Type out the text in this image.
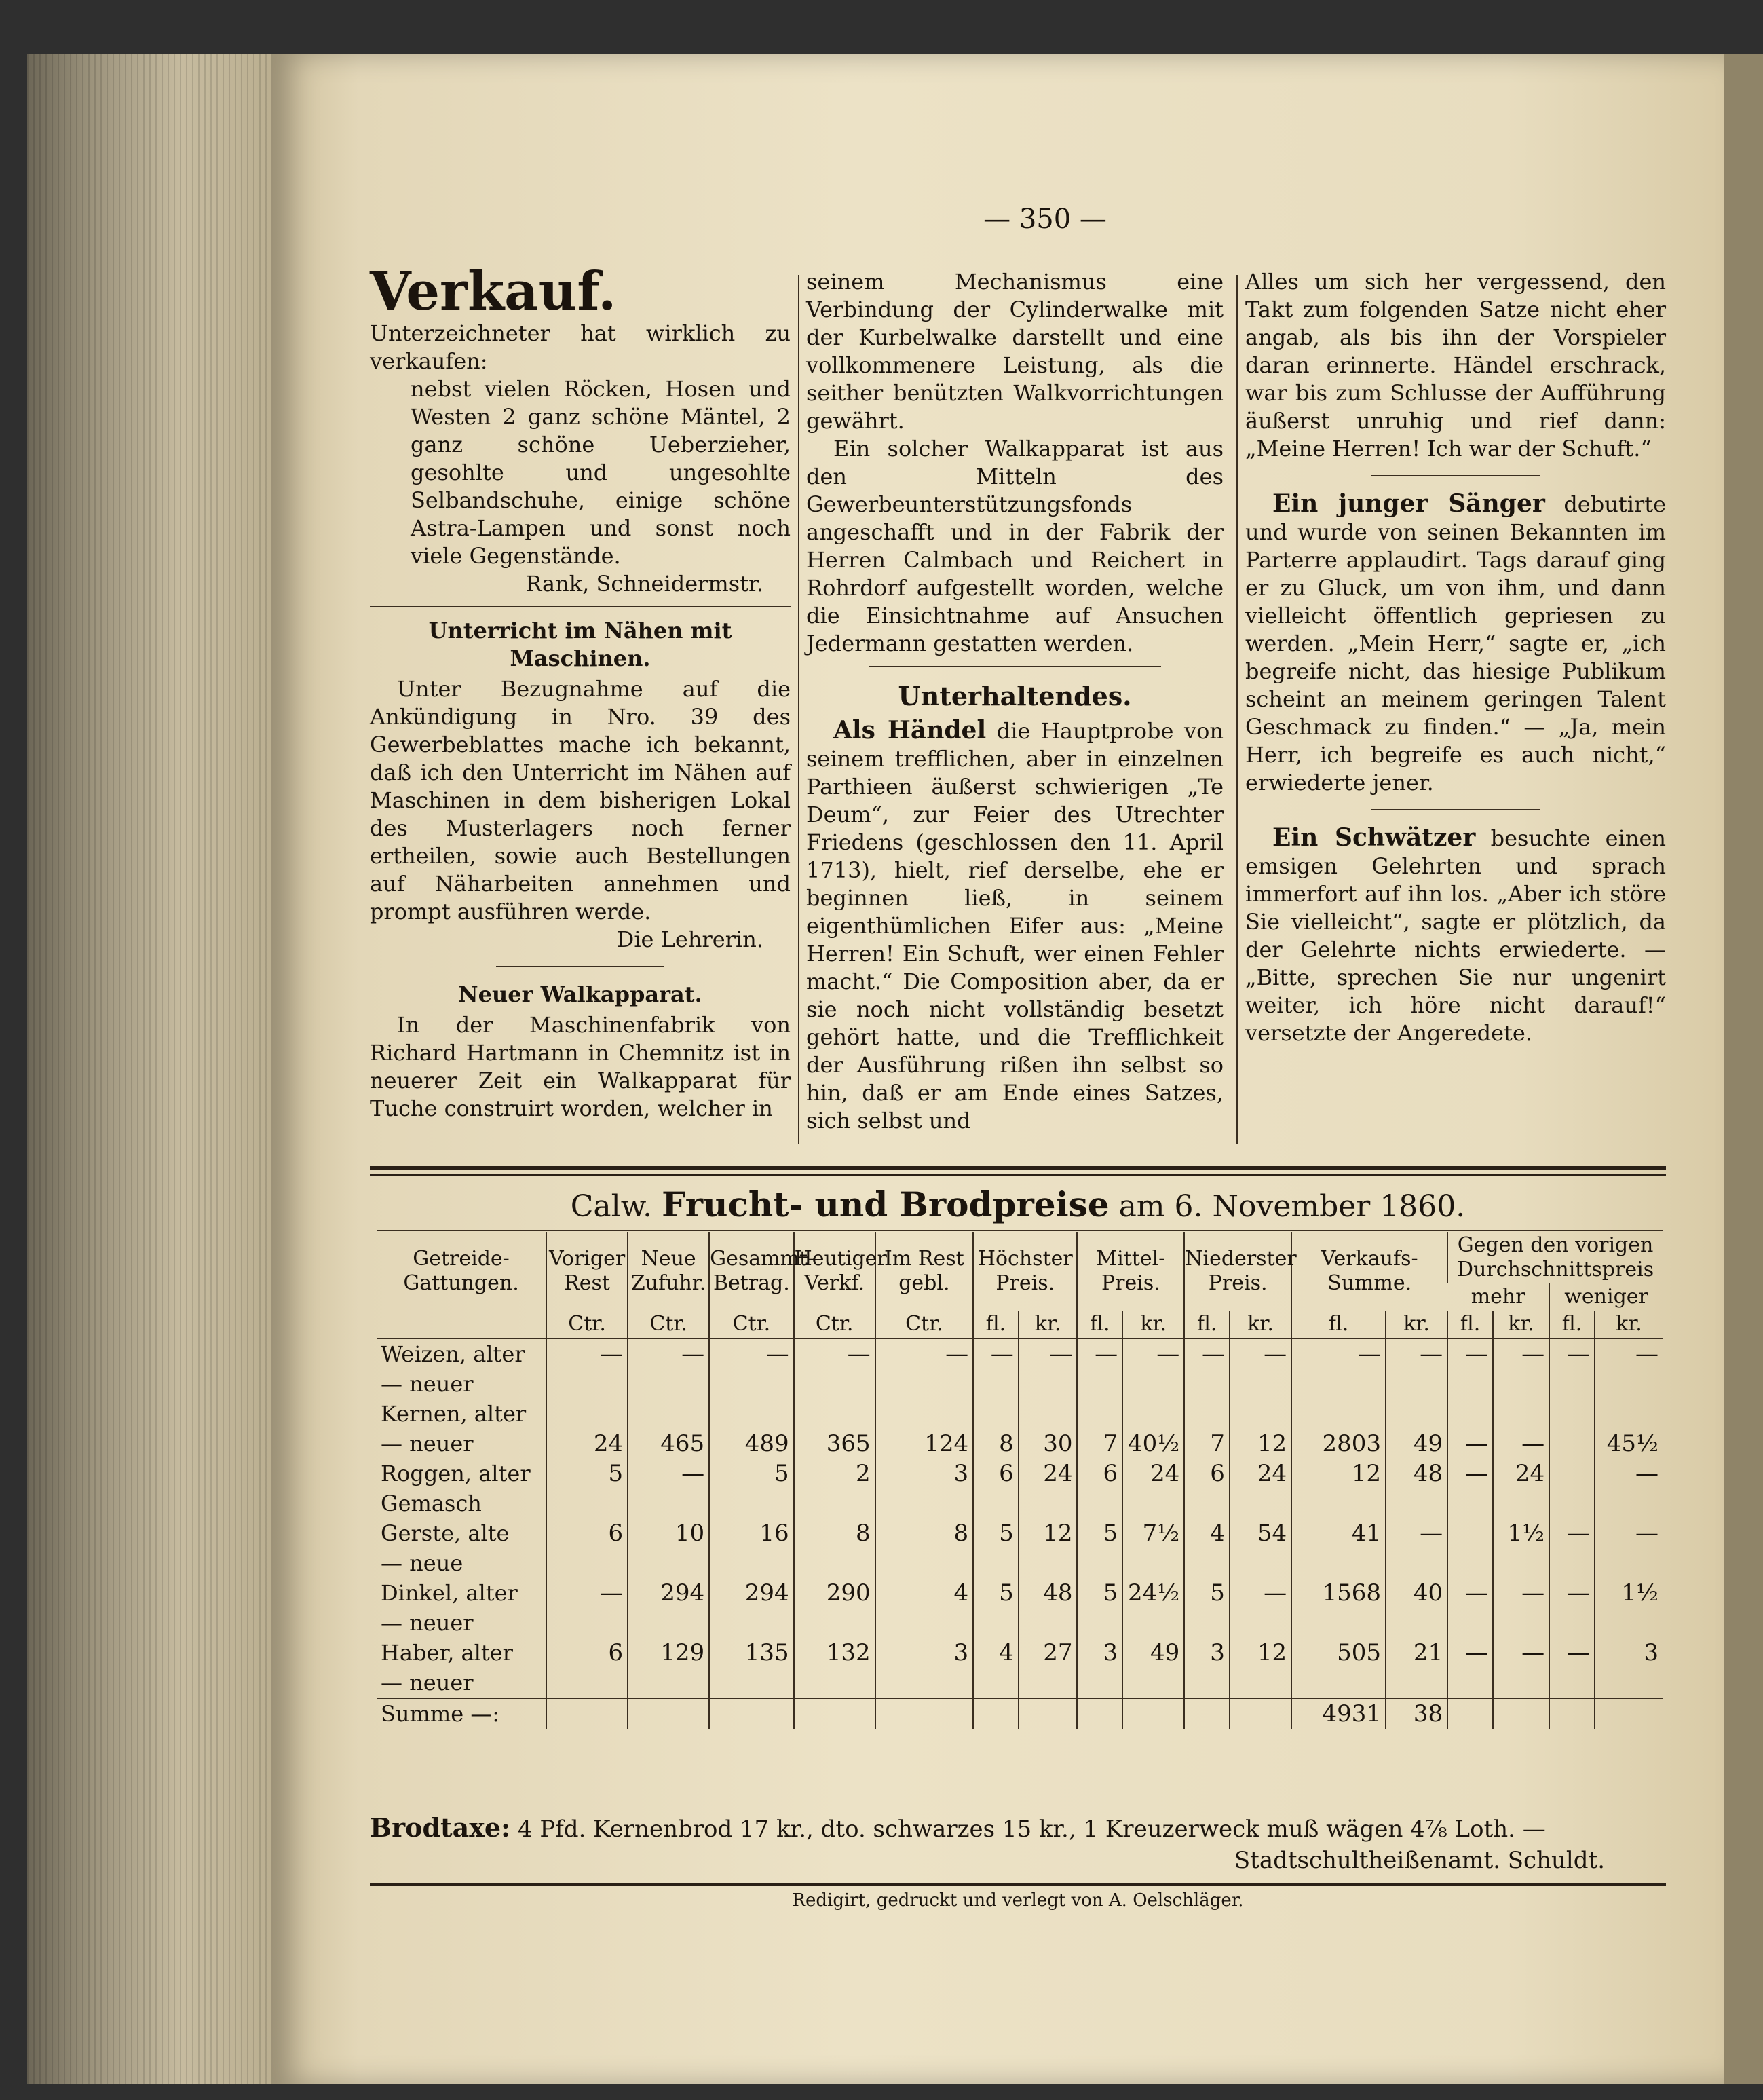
— 350 —
Verkauf.
Unterzeichneter hat wirklich zu verkaufen:
nebst vielen Röcken, Hosen und Westen 2 ganz schöne Mäntel, 2 ganz schöne Ueberzieher, gesohlte und ungesohlte Selbandschuhe, einige schöne Astra-Lampen und sonst noch viele Gegenstände.
Rank, Schneidermstr.
Unterricht im Nähen mit Maschinen.
Unter Bezugnahme auf die Ankündigung in Nro. 39 des Gewerbeblattes mache ich bekannt, daß ich den Unterricht im Nähen auf Maschinen in dem bisherigen Lokal des Musterlagers noch ferner ertheilen, sowie auch Bestellungen auf Näharbeiten annehmen und prompt ausführen werde.
Die Lehrerin.
Neuer Walkapparat.
In der Maschinenfabrik von Richard Hartmann in Chemnitz ist in neuerer Zeit ein Walkapparat für Tuche construirt worden, welcher in
seinem Mechanismus eine Verbindung der Cylinderwalke mit der Kurbelwalke darstellt und eine vollkommenere Leistung, als die seither benützten Walkvorrichtungen gewährt.
Ein solcher Walkapparat ist aus den Mitteln des Gewerbeunterstützungsfonds angeschafft und in der Fabrik der Herren Calmbach und Reichert in Rohrdorf aufgestellt worden, welche die Einsichtnahme auf Ansuchen Jedermann gestatten werden.
Unterhaltendes.
Als Händel die Hauptprobe von seinem trefflichen, aber in einzelnen Parthieen äußerst schwierigen „Te Deum“, zur Feier des Utrechter Friedens (geschlossen den 11. April 1713), hielt, rief derselbe, ehe er beginnen ließ, in seinem eigenthümlichen Eifer aus: „Meine Herren! Ein Schuft, wer einen Fehler macht.“ Die Composition aber, da er sie noch nicht vollständig besetzt gehört hatte, und die Trefflichkeit der Ausführung rißen ihn selbst so hin, daß er am Ende eines Satzes, sich selbst und
Alles um sich her vergessend, den Takt zum folgenden Satze nicht eher angab, als bis ihn der Vorspieler daran erinnerte. Händel erschrack, war bis zum Schlusse der Aufführung äußerst unruhig und rief dann: „Meine Herren! Ich war der Schuft.“
Ein junger Sänger debutirte und wurde von seinen Bekannten im Parterre applaudirt. Tags darauf ging er zu Gluck, um von ihm, und dann vielleicht öffentlich gepriesen zu werden. „Mein Herr,“ sagte er, „ich begreife nicht, das hiesige Publikum scheint an meinem geringen Talent Geschmack zu finden.“ — „Ja, mein Herr, ich begreife es auch nicht,“ erwiederte jener.
Ein Schwätzer besuchte einen emsigen Gelehrten und sprach immerfort auf ihn los. „Aber ich störe Sie vielleicht“, sagte er plötzlich, da der Gelehrte nichts erwiederte. — „Bitte, sprechen Sie nur ungenirt weiter, ich höre nicht darauf!“ versetzte der Angeredete.
Calw. Frucht- und Brodpreise am 6. November 1860.
Getreide-Gattungen.	Voriger Rest	Neue Zufuhr.	Gesammt-Betrag.	Heutiger Verkf.	Im Rest gebl.	Höchster Preis.		Mittel-Preis.		Niederster Preis.		Verkaufs-Summe.		Gegen den vorigen Durchschnittspreis			
														mehr		weniger	
	Ctr.	Ctr.	Ctr.	Ctr.	Ctr.	fl.	kr.	fl.	kr.	fl.	kr.	fl.	kr.	fl.	kr.	fl.	kr.
Weizen, alter	—	—	—	—	—	—	—	—	—	—	—	—	—	—	—	—	—
— neuer																	
Kernen, alter																	
— neuer	24	465	489	365	124	8	30	7	40½	7	12	2803	49	—	—		45½
Roggen, alter	5	—	5	2	3	6	24	6	24	6	24	12	48	—	24		—
Gemasch																	
Gerste, alte	6	10	16	8	8	5	12	5	7½	4	54	41	—		1½	—	—
— neue																	
Dinkel, alter	—	294	294	290	4	5	48	5	24½	5	—	1568	40	—	—	—	1½
— neuer																	
Haber, alter	6	129	135	132	3	4	27	3	49	3	12	505	21	—	—	—	3
— neuer																	
Summe —:												4931	38				
Brodtaxe: 4 Pfd. Kernenbrod 17 kr., dto. schwarzes 15 kr., 1 Kreuzerweck muß wägen 4⅞ Loth. —
Stadtschultheißenamt. Schuldt.
Redigirt, gedruckt und verlegt von A. Oelschläger.
